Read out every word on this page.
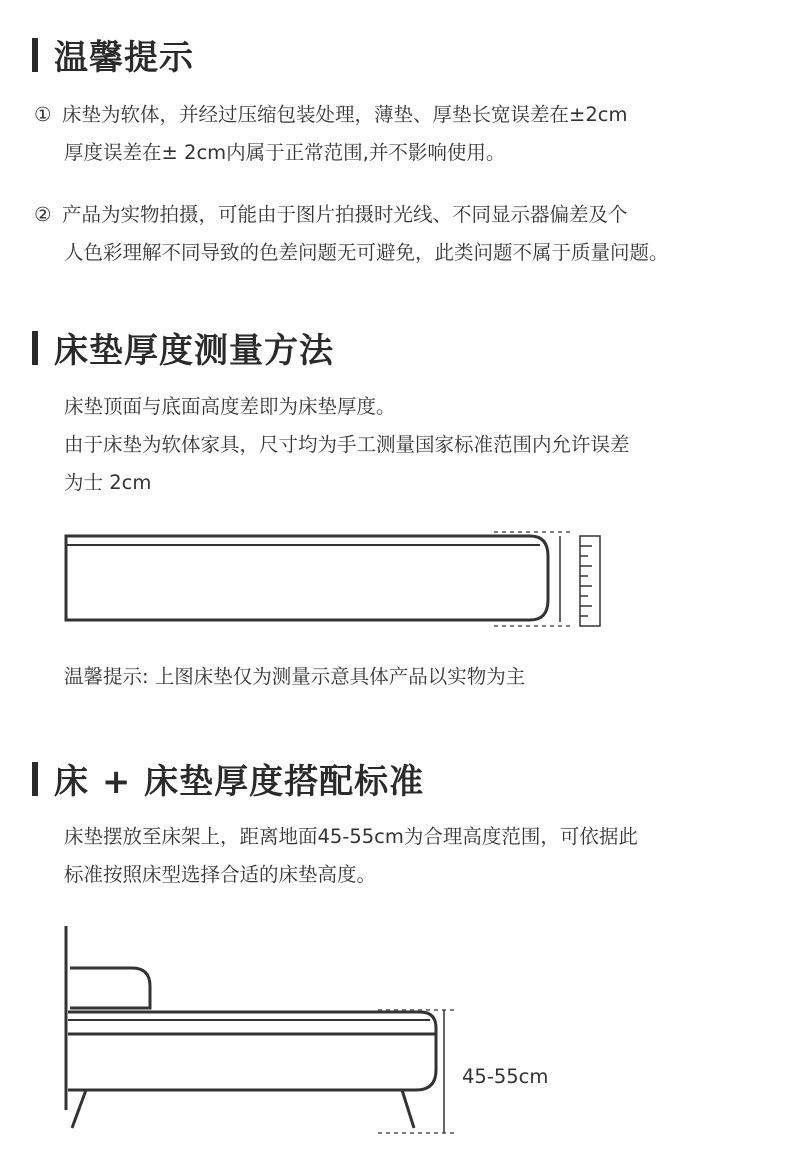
温馨提示
① 床垫为软体，并经过压缩包装处理，薄垫、厚垫长宽误差在±2cm
厚度误差在± 2cm内属于正常范围,并不影响使用。
② 产品为实物拍摄，可能由于图片拍摄时光线、不同显示器偏差及个
人色彩理解不同导致的色差问题无可避免，此类问题不属于质量问题。
床垫厚度测量方法
床垫顶面与底面高度差即为床垫厚度。
由于床垫为软体家具，尺寸均为手工测量国家标准范围内允许误差
为士 2cm
温馨提示: 上图床垫仅为测量示意具体产品以实物为主
床 + 床垫厚度搭配标准
床垫摆放至床架上，距离地面45-55cm为合理高度范围，可依据此
标准按照床型选择合适的床垫高度。
45-55cm
